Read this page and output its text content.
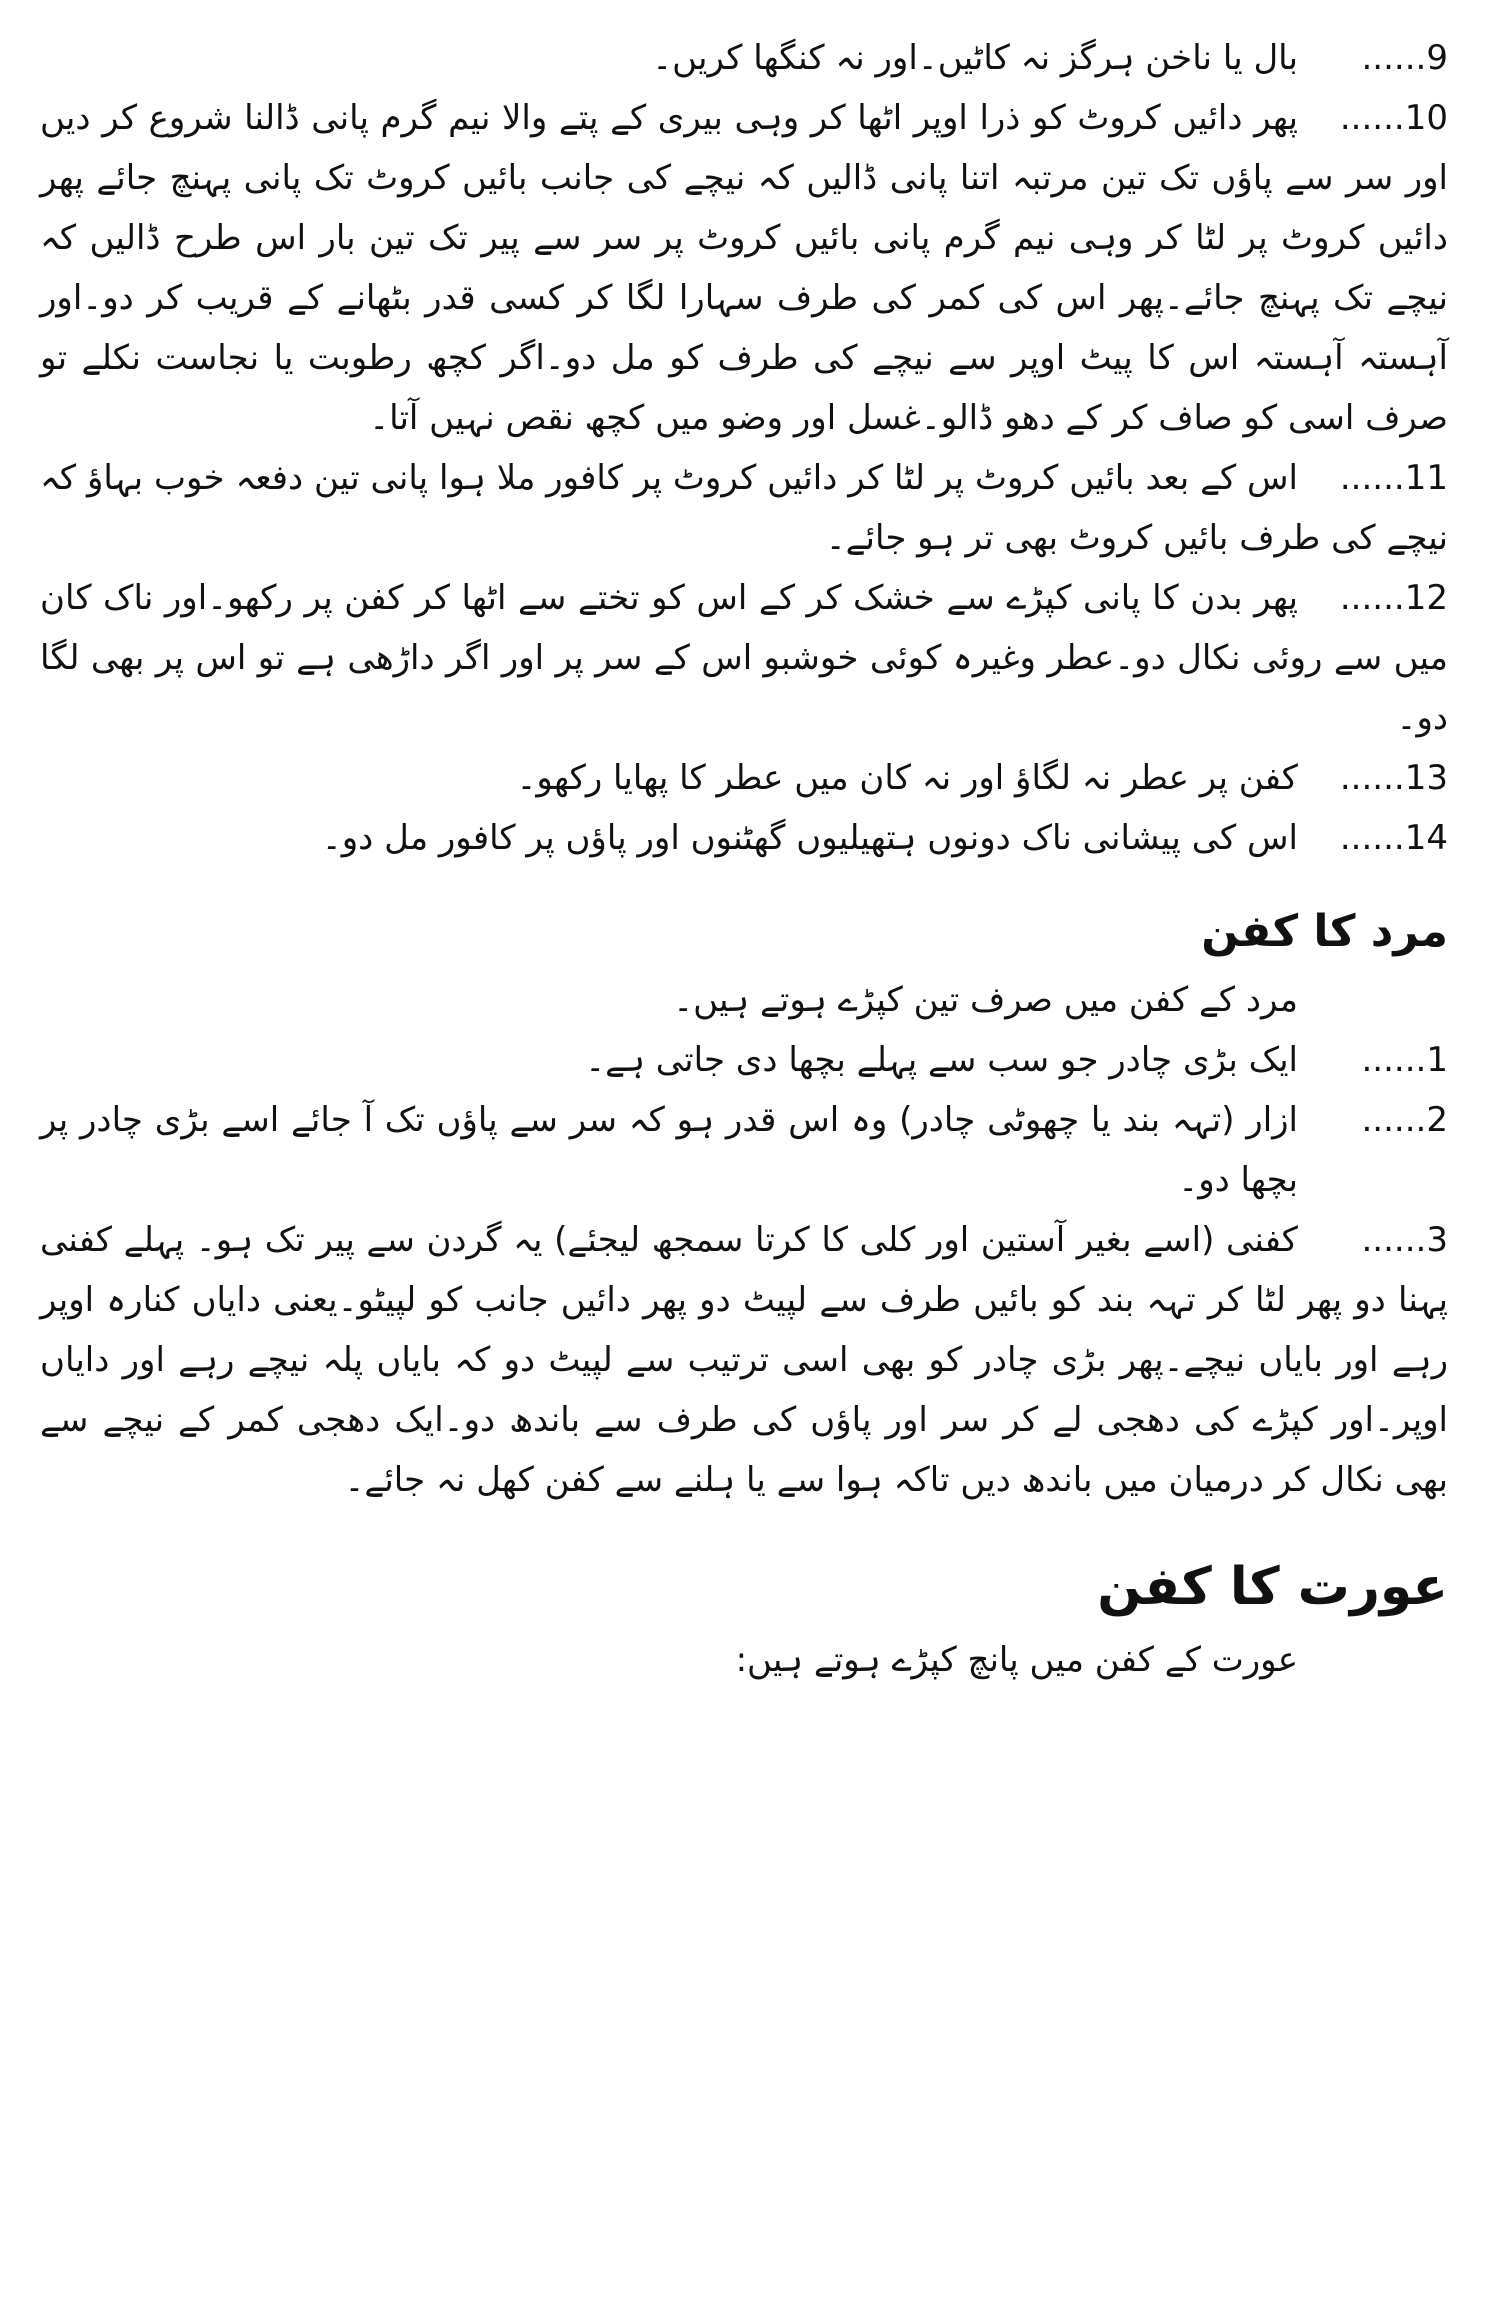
9......
بال یا ناخن ہرگز نہ کاٹیں۔اور نہ کنگھا کریں۔
10......پھر دائیں کروٹ کو ذرا اوپر اٹھا کر وہی بیری کے پتے والا نیم گرم پانی ڈالنا شروع کر دیں اور سر سے پاؤں تک تین مرتبہ اتنا پانی ڈالیں کہ نیچے کی جانب بائیں کروٹ تک پانی پہنچ جائے پھر دائیں کروٹ پر لٹا کر وہی نیم گرم پانی بائیں کروٹ پر سر سے پیر تک تین بار اس طرح ڈالیں کہ نیچے تک پہنچ جائے۔پھر اس کی کمر کی طرف سہارا لگا کر کسی قدر بٹھانے کے قریب کر دو۔اور آہستہ آہستہ اس کا پیٹ اوپر سے نیچے کی طرف کو مل دو۔اگر کچھ رطوبت یا نجاست نکلے تو صرف اسی کو صاف کر کے دھو ڈالو۔غسل اور وضو میں کچھ نقص نہیں آتا۔
11......اس کے بعد بائیں کروٹ پر لٹا کر دائیں کروٹ پر کافور ملا ہوا پانی تین دفعہ خوب بہاؤ کہ نیچے کی طرف بائیں کروٹ بھی تر ہو جائے۔
12......پھر بدن کا پانی کپڑے سے خشک کر کے اس کو تختے سے اٹھا کر کفن پر رکھو۔اور ناک کان میں سے روئی نکال دو۔عطر وغیرہ کوئی خوشبو اس کے سر پر اور اگر داڑھی ہے تو اس پر بھی لگا دو۔
13......
کفن پر عطر نہ لگاؤ اور نہ کان میں عطر کا پھایا رکھو۔
14......
اس کی پیشانی ناک دونوں ہتھیلیوں گھٹنوں اور پاؤں پر کافور مل دو۔
مرد کا کفن
مرد کے کفن میں صرف تین کپڑے ہوتے ہیں۔
1......
ایک بڑی چادر جو سب سے پہلے بچھا دی جاتی ہے۔
2......
ازار (تہہ بند یا چھوٹی چادر) وہ اس قدر ہو کہ سر سے پاؤں تک آ جائے اسے بڑی چادر پر بچھا دو۔
3......کفنی (اسے بغیر آستین اور کلی کا کرتا سمجھ لیجئے) یہ گردن سے پیر تک ہو۔ پہلے کفنی پہنا دو پھر لٹا کر تہہ بند کو بائیں طرف سے لپیٹ دو پھر دائیں جانب کو لپیٹو۔یعنی دایاں کنارہ اوپر رہے اور بایاں نیچے۔پھر بڑی چادر کو بھی اسی ترتیب سے لپیٹ دو کہ بایاں پلہ نیچے رہے اور دایاں اوپر۔اور کپڑے کی دھجی لے کر سر اور پاؤں کی طرف سے باندھ دو۔ایک دھجی کمر کے نیچے سے بھی نکال کر درمیان میں باندھ دیں تاکہ ہوا سے یا ہلنے سے کفن کھل نہ جائے۔
عورت کا کفن
عورت کے کفن میں پانچ کپڑے ہوتے ہیں:
